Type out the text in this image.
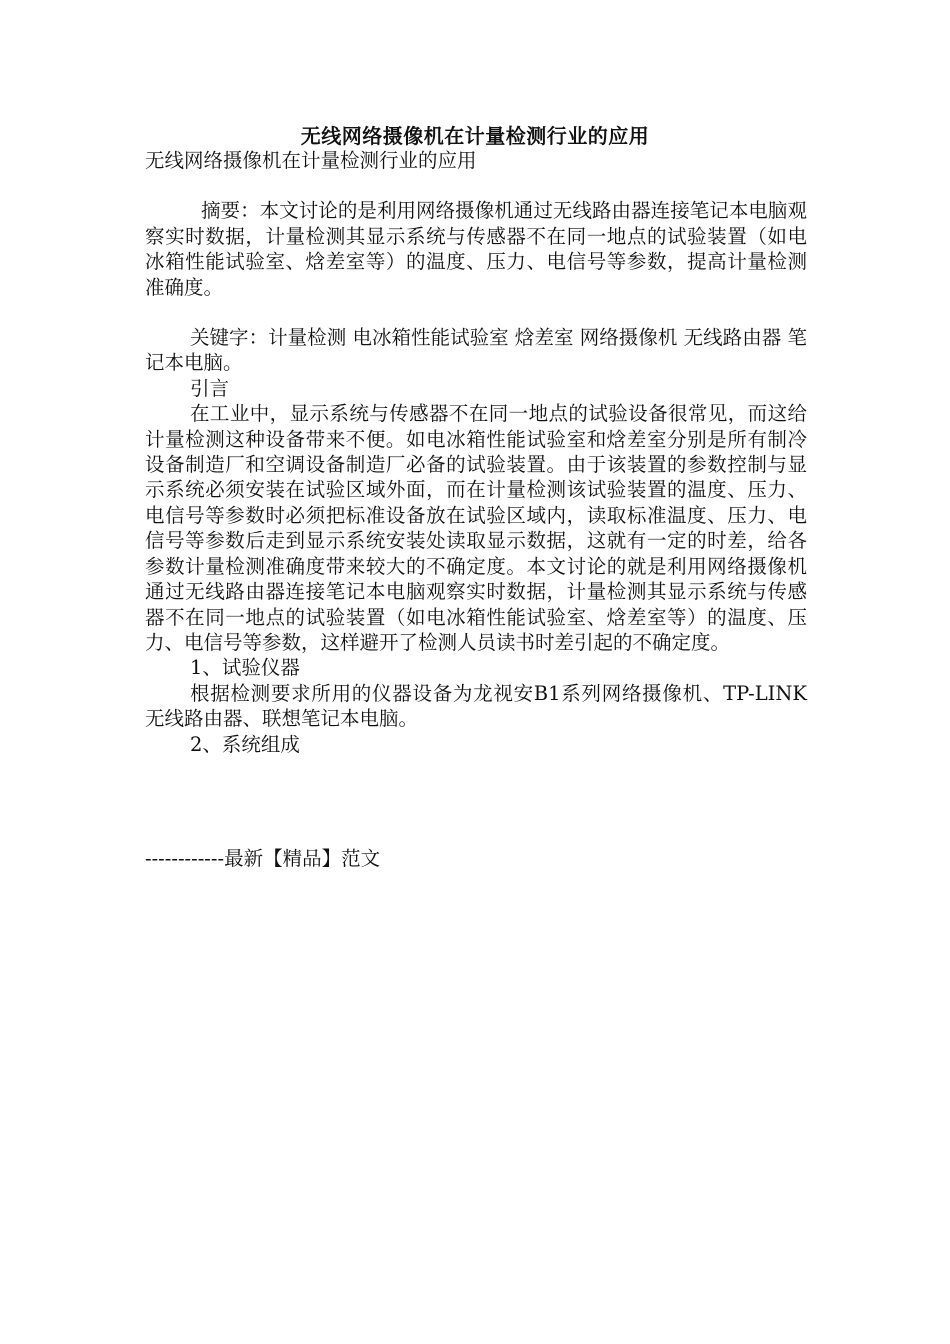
无线网络摄像机在计量检测行业的应用

无线网络摄像机在计量检测行业的应用

摘要：本文讨论的是利用网络摄像机通过无线路由器连接笔记本电脑观察实时数据，计量检测其显示系统与传感器不在同一地点的试验装置（如电冰箱性能试验室、焓差室等）的温度、压力、电信号等参数，提高计量检测准确度。

关键字：计量检测 电冰箱性能试验室 焓差室 网络摄像机 无线路由器 笔记本电脑。

引言

在工业中，显示系统与传感器不在同一地点的试验设备很常见，而这给计量检测这种设备带来不便。如电冰箱性能试验室和焓差室分别是所有制冷设备制造厂和空调设备制造厂必备的试验装置。由于该装置的参数控制与显示系统必须安装在试验区域外面，而在计量检测该试验装置的温度、压力、电信号等参数时必须把标准设备放在试验区域内，读取标准温度、压力、电信号等参数后走到显示系统安装处读取显示数据，这就有一定的时差，给各参数计量检测准确度带来较大的不确定度。本文讨论的就是利用网络摄像机通过无线路由器连接笔记本电脑观察实时数据，计量检测其显示系统与传感器不在同一地点的试验装置（如电冰箱性能试验室、焓差室等）的温度、压力、电信号等参数，这样避开了检测人员读书时差引起的不确定度。

1、试验仪器

根据检测要求所用的仪器设备为龙视安B1系列网络摄像机、TP-LINK无线路由器、联想笔记本电脑。

2、系统组成

------------最新【精品】范文
